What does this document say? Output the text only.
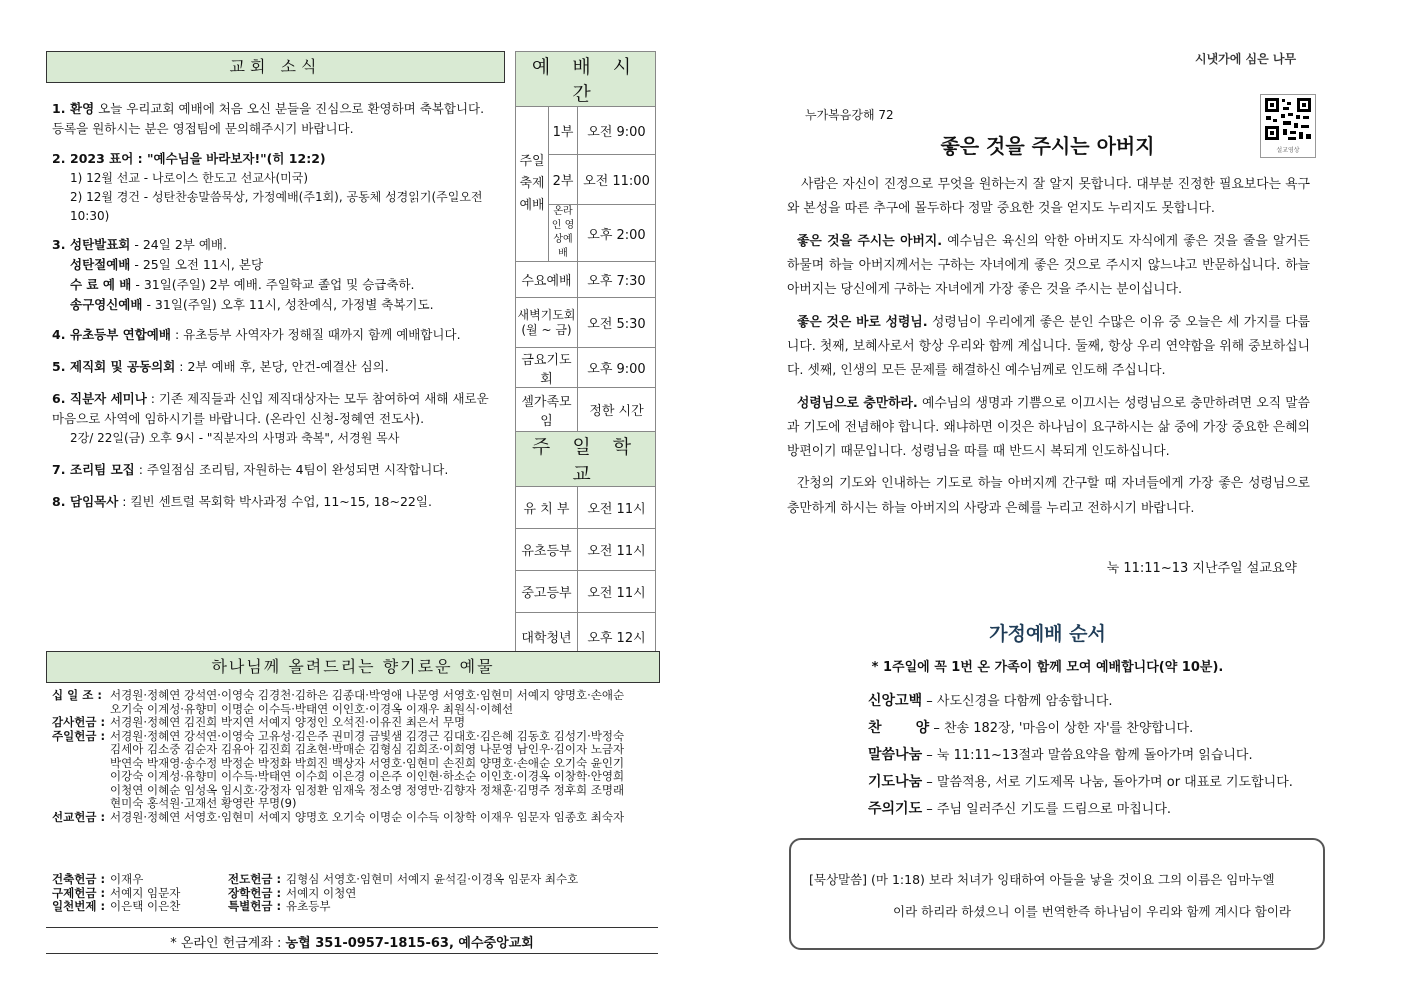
교회 소식
1. 환영 오늘 우리교회 예배에 처음 오신 분들을 진심으로 환영하며 축복합니다. 등록을 원하시는 분은 영접팀에 문의해주시기 바랍니다.
2. 2023 표어 : "예수님을 바라보자!"(히 12:2)
1) 12월 선교 - 나로이스 한도고 선교사(미국)
2) 12월 경건 - 성탄찬송말씀묵상, 가정예배(주1회), 공동체 성경읽기(주일오전10:30)
3. 성탄발표회 - 24일 2부 예배.
성탄절예배 - 25일 오전 11시, 본당
수 료 예 배 - 31일(주일) 2부 예배. 주일학교 졸업 및 승급축하.
송구영신예배 - 31일(주일) 오후 11시, 성찬예식, 가정별 축복기도.
4. 유초등부 연합예배 : 유초등부 사역자가 정해질 때까지 함께 예배합니다.
5. 제직회 및 공동의회 : 2부 예배 후, 본당, 안건-예결산 심의.
6. 직분자 세미나 : 기존 제직들과 신입 제직대상자는 모두 참여하여 새해 새로운 마음으로 사역에 임하시기를 바랍니다. (온라인 신청-정혜연 전도사).
2강/ 22일(금) 오후 9시 - "직분자의 사명과 축복", 서경원 목사
7. 조리팀 모집 : 주일점심 조리팀, 자원하는 4팀이 완성되면 시작합니다.
8. 담임목사 : 킬빈 센트럴 목회학 박사과정 수업, 11~15, 18~22일.
예 배 시 간		
주일 축제 예배	1부	오전 9:00
	2부	오전 11:00
	온라인 영상예배	오후 2:00
수요예배		오후 7:30
새벽기도회 (월 ~ 금)		오전 5:30
금요기도회		오후 9:00
셀가족모임		정한 시간
주 일 학 교		
유 치 부		오전 11시
유초등부		오전 11시
중고등부		오전 11시
대학청년		오후 12시
하나님께 올려드리는 향기로운 예물
십 일 조 : 서경원·정혜연 강석연·이영숙 김경천·김하은 김종대·박영애 나문영 서영호·임현미 서예지 양명호·손애순 오기숙 이계성·유향미 이명순 이수득·박태연 이인호·이경옥 이재우 최원식·이혜선
감사헌금 : 서경원·정혜연 김진희 박지연 서예지 양정인 오석진·이유진 최은서 무명
주일헌금 : 서경원·정혜연 강석연·이영숙 고유성·김은주 권미경 금빛샘 김경근 김대호·김은혜 김동호 김성기·박정숙 김세아 김소중 김순자 김유아 김진희 김초현·박매순 김형심 김희조·이희영 나문영 남인우·김이자 노금자 박연숙 박재영·송수정 박정순 박정화 박희진 백상자 서영호·임현미 손진희 양명호·손애순 오기숙 윤인기 이강숙 이계성·유향미 이수득·박태연 이수희 이은경 이은주 이인현·하소순 이인호·이경옥 이창학·안영희 이청연 이혜순 임성옥 임시호·강정자 임정환 임재욱 정소영 정영만·김향자 정채훈·김명주 정후희 조명래 현미숙 홍석원·고재선 황영란 무명(9)
선교헌금 : 서경원·정혜연 서영호·임현미 서예지 양명호 오기숙 이명순 이수득 이창학 이재우 임문자 임종호 최숙자
건축헌금 : 이재우	전도헌금 : 김형심 서영호·임현미 서예지 윤석길·이경옥 임문자 최수호
구제헌금 : 서예지 임문자	장학헌금 : 서예지 이청연
일천번제 : 이은택 이은찬	특별헌금 : 유초등부
* 온라인 헌금계좌 : 농협 351-0957-1815-63, 예수중앙교회
시냇가에 심은 나무
누가복음강해 72
설교영상
좋은 것을 주시는 아버지
사람은 자신이 진정으로 무엇을 원하는지 잘 알지 못합니다. 대부분 진정한 필요보다는 욕구와 본성을 따른 추구에 몰두하다 정말 중요한 것을 얻지도 누리지도 못합니다.
좋은 것을 주시는 아버지. 예수님은 육신의 악한 아버지도 자식에게 좋은 것을 줄을 알거든 하물며 하늘 아버지께서는 구하는 자녀에게 좋은 것으로 주시지 않느냐고 반문하십니다. 하늘 아버지는 당신에게 구하는 자녀에게 가장 좋은 것을 주시는 분이십니다.
좋은 것은 바로 성령님. 성령님이 우리에게 좋은 분인 수많은 이유 중 오늘은 세 가지를 다룹니다. 첫째, 보혜사로서 항상 우리와 함께 계십니다. 둘째, 항상 우리 연약함을 위해 중보하십니다. 셋째, 인생의 모든 문제를 해결하신 예수님께로 인도해 주십니다.
성령님으로 충만하라. 예수님의 생명과 기쁨으로 이끄시는 성령님으로 충만하려면 오직 말씀과 기도에 전념해야 합니다. 왜냐하면 이것은 하나님이 요구하시는 삶 중에 가장 중요한 은혜의 방편이기 때문입니다. 성령님을 따를 때 반드시 복되게 인도하십니다.
간청의 기도와 인내하는 기도로 하늘 아버지께 간구할 때 자녀들에게 가장 좋은 성령님으로 충만하게 하시는 하늘 아버지의 사랑과 은혜를 누리고 전하시기 바랍니다.
눅 11:11~13 지난주일 설교요약
가정예배 순서
* 1주일에 꼭 1번 온 가족이 함께 모여 예배합니다(약 10분).
신앙고백 – 사도신경을 다함께 암송합니다.
찬       양 – 찬송 182장, '마음이 상한 자'를 찬양합니다.
말씀나눔 – 눅 11:11~13절과 말씀요약을 함께 돌아가며 읽습니다.
기도나눔 – 말씀적용, 서로 기도제목 나눔, 돌아가며 or 대표로 기도합니다.
주의기도 – 주님 일러주신 기도를 드림으로 마칩니다.
[묵상말씀] (마 1:18) 보라 처녀가 잉태하여 아들을 낳을 것이요 그의 이름은 임마누엘
이라 하리라 하셨으니 이를 번역한즉 하나님이 우리와 함께 계시다 함이라
